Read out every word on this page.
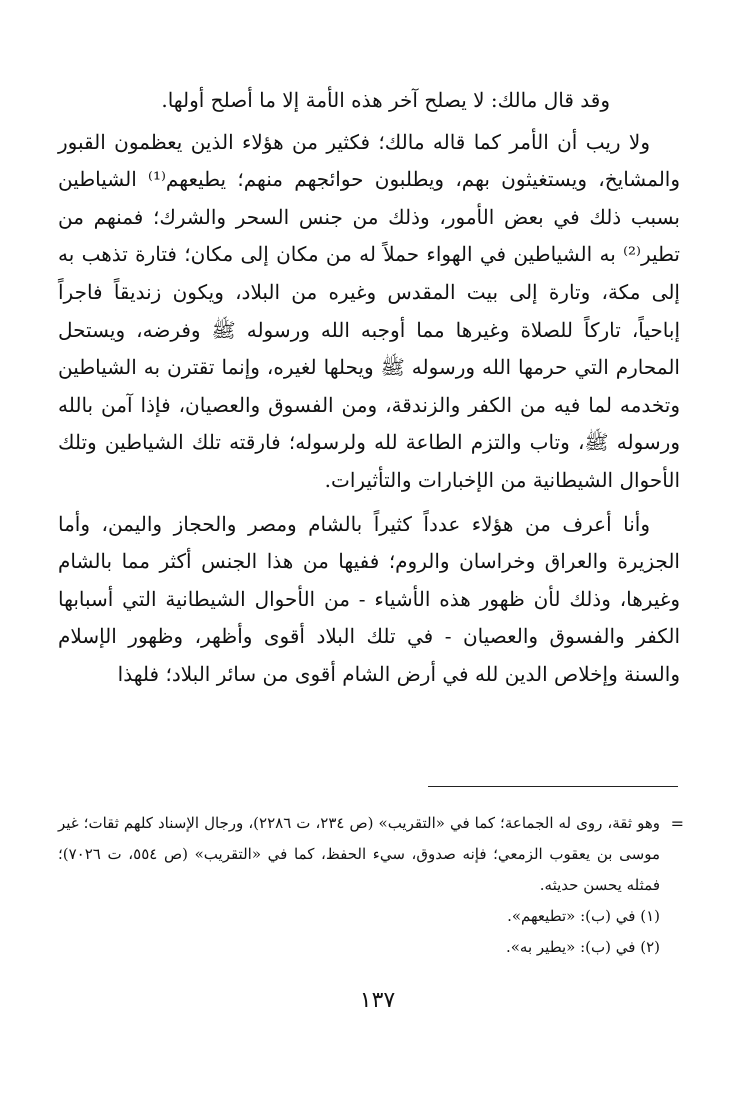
وقد قال مالك: لا يصلح آخر هذه الأمة إلا ما أصلح أولها.

ولا ريب أن الأمر كما قاله مالك؛ فكثير من هؤلاء الذين يعظمون القبور والمشايخ، ويستغيثون بهم، ويطلبون حوائجهم منهم؛ يطيعهم⁽¹⁾ الشياطين بسبب ذلك في بعض الأمور، وذلك من جنس السحر والشرك؛ فمنهم من تطير⁽²⁾ به الشياطين في الهواء حملاً له من مكان إلى مكان؛ فتارة تذهب به إلى مكة، وتارة إلى بيت المقدس وغيره من البلاد، ويكون زنديقاً فاجراً إباحياً، تاركاً للصلاة وغيرها مما أوجبه الله ورسوله ﷺ وفرضه، ويستحل المحارم التي حرمها الله ورسوله ﷺ ويحلها لغيره، وإنما تقترن به الشياطين وتخدمه لما فيه من الكفر والزندقة، ومن الفسوق والعصيان، فإذا آمن بالله ورسوله ﷺ، وتاب والتزم الطاعة لله ولرسوله؛ فارقته تلك الشياطين وتلك الأحوال الشيطانية من الإخبارات والتأثيرات.

وأنا أعرف من هؤلاء عدداً كثيراً بالشام ومصر والحجاز واليمن، وأما الجزيرة والعراق وخراسان والروم؛ ففيها من هذا الجنس أكثر مما بالشام وغيرها، وذلك لأن ظهور هذه الأشياء - من الأحوال الشيطانية التي أسبابها الكفر والفسوق والعصيان - في تلك البلاد أقوى وأظهر، وظهور الإسلام والسنة وإخلاص الدين لله في أرض الشام أقوى من سائر البلاد؛ فلهذا

=
وهو ثقة، روى له الجماعة؛ كما في «التقريب» (ص ٢٣٤، ت ٢٢٨٦)، ورجال الإسناد كلهم ثقات؛ غير موسى بن يعقوب الزمعي؛ فإنه صدوق، سيء الحفظ، كما في «التقريب» (ص ٥٥٤، ت ٧٠٢٦)؛ فمثله يحسن حديثه.

(١) في (ب): «تطيعهم».

(٢) في (ب): «يطير به».

١٣٧
